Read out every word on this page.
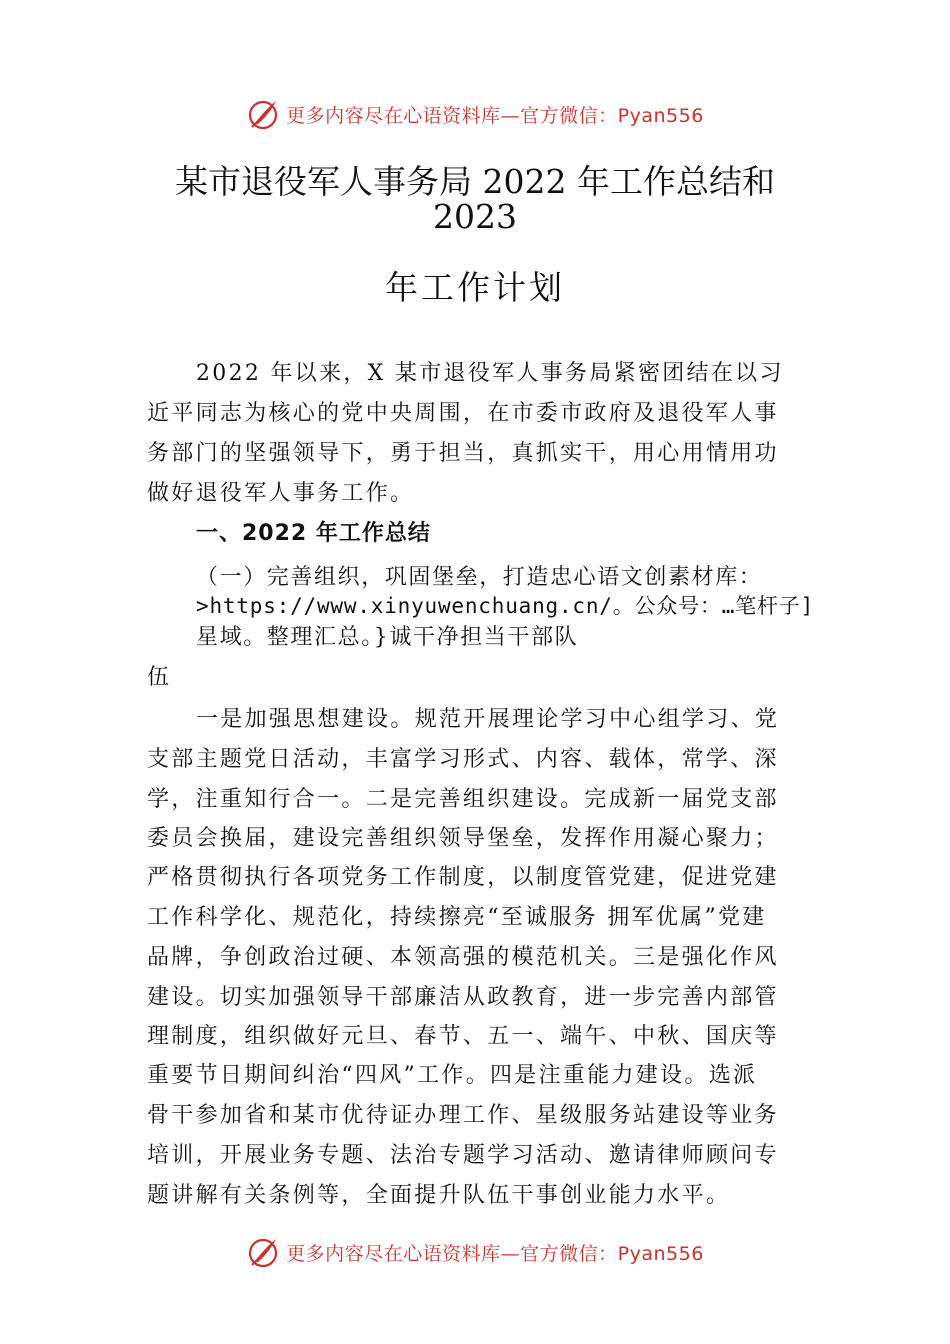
更多内容尽在心语资料库—官方微信：Pyan556
某市退役军人事务局 2022 年工作总结和
2023
年工作计划
2022 年以来，X 某市退役军人事务局紧密团结在以习
近平同志为核心的党中央周围，在市委市政府及退役军人事
务部门的坚强领导下，勇于担当，真抓实干，用心用情用功
做好退役军人事务工作。
一、2022 年工作总结
（一）完善组织，巩固堡垒，打造忠心语文创素材库：
>https://www.xinyuwenchuang.cn/。公众号：…笔杆子]
星域。整理汇总。}诚干净担当干部队
伍
一是加强思想建设。规范开展理论学习中心组学习、党
支部主题党日活动，丰富学习形式、内容、载体，常学、深
学，注重知行合一。二是完善组织建设。完成新一届党支部
委员会换届，建设完善组织领导堡垒，发挥作用凝心聚力；
严格贯彻执行各项党务工作制度，以制度管党建，促进党建
工作科学化、规范化，持续擦亮“至诚服务 拥军优属”党建
品牌，争创政治过硬、本领高强的模范机关。三是强化作风
建设。切实加强领导干部廉洁从政教育，进一步完善内部管
理制度，组织做好元旦、春节、五一、端午、中秋、国庆等
重要节日期间纠治“四风”工作。四是注重能力建设。选派
骨干参加省和某市优待证办理工作、星级服务站建设等业务
培训，开展业务专题、法治专题学习活动、邀请律师顾问专
题讲解有关条例等，全面提升队伍干事创业能力水平。
更多内容尽在心语资料库—官方微信：Pyan556
